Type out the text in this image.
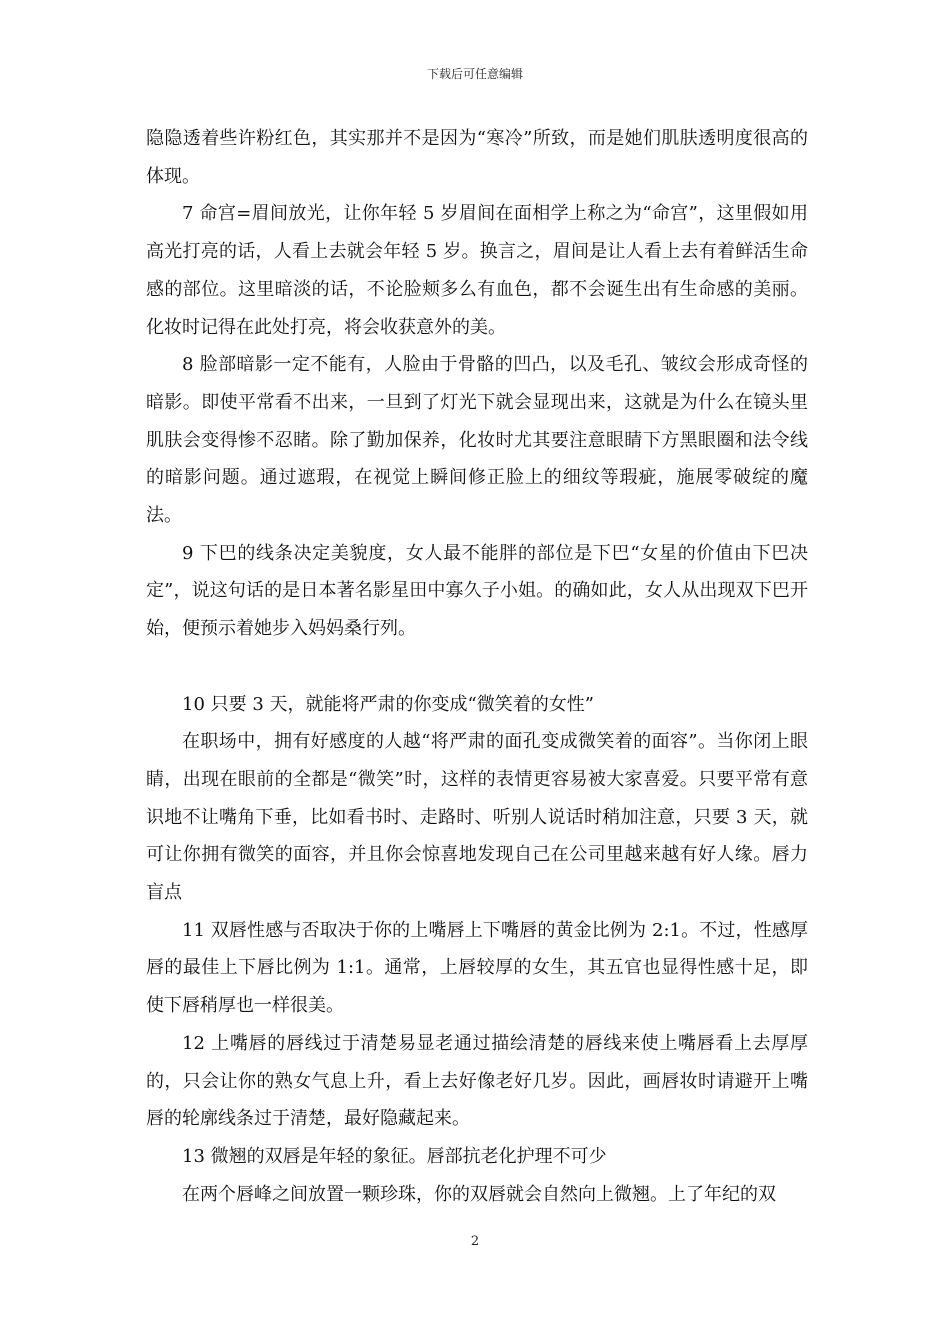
下载后可任意编辑

隐隐透着些许粉红色，其实那并不是因为“寒冷”所致，而是她们肌肤透明度很高的体现。

7 命宫=眉间放光，让你年轻 5 岁眉间在面相学上称之为“命宫”，这里假如用高光打亮的话，人看上去就会年轻 5 岁。换言之，眉间是让人看上去有着鲜活生命感的部位。这里暗淡的话，不论脸颊多么有血色，都不会诞生出有生命感的美丽。化妆时记得在此处打亮，将会收获意外的美。

8 脸部暗影一定不能有，人脸由于骨骼的凹凸，以及毛孔、皱纹会形成奇怪的暗影。即使平常看不出来，一旦到了灯光下就会显现出来，这就是为什么在镜头里肌肤会变得惨不忍睹。除了勤加保养，化妆时尤其要注意眼睛下方黑眼圈和法令线的暗影问题。通过遮瑕，在视觉上瞬间修正脸上的细纹等瑕疵，施展零破绽的魔法。

9 下巴的线条决定美貌度，女人最不能胖的部位是下巴“女星的价值由下巴决定”，说这句话的是日本著名影星田中寡久子小姐。的确如此，女人从出现双下巴开始，便预示着她步入妈妈桑行列。

10 只要 3 天，就能将严肃的你变成“微笑着的女性”

在职场中，拥有好感度的人越“将严肃的面孔变成微笑着的面容”。当你闭上眼睛，出现在眼前的全都是“微笑”时，这样的表情更容易被大家喜爱。只要平常有意识地不让嘴角下垂，比如看书时、走路时、听别人说话时稍加注意，只要 3 天，就可让你拥有微笑的面容，并且你会惊喜地发现自己在公司里越来越有好人缘。唇力盲点

11 双唇性感与否取决于你的上嘴唇上下嘴唇的黄金比例为 2:1。不过，性感厚唇的最佳上下唇比例为 1:1。通常，上唇较厚的女生，其五官也显得性感十足，即使下唇稍厚也一样很美。

12 上嘴唇的唇线过于清楚易显老通过描绘清楚的唇线来使上嘴唇看上去厚厚的，只会让你的熟女气息上升，看上去好像老好几岁。因此，画唇妆时请避开上嘴唇的轮廓线条过于清楚，最好隐藏起来。

13 微翘的双唇是年轻的象征。唇部抗老化护理不可少

在两个唇峰之间放置一颗珍珠，你的双唇就会自然向上微翘。上了年纪的双

2
